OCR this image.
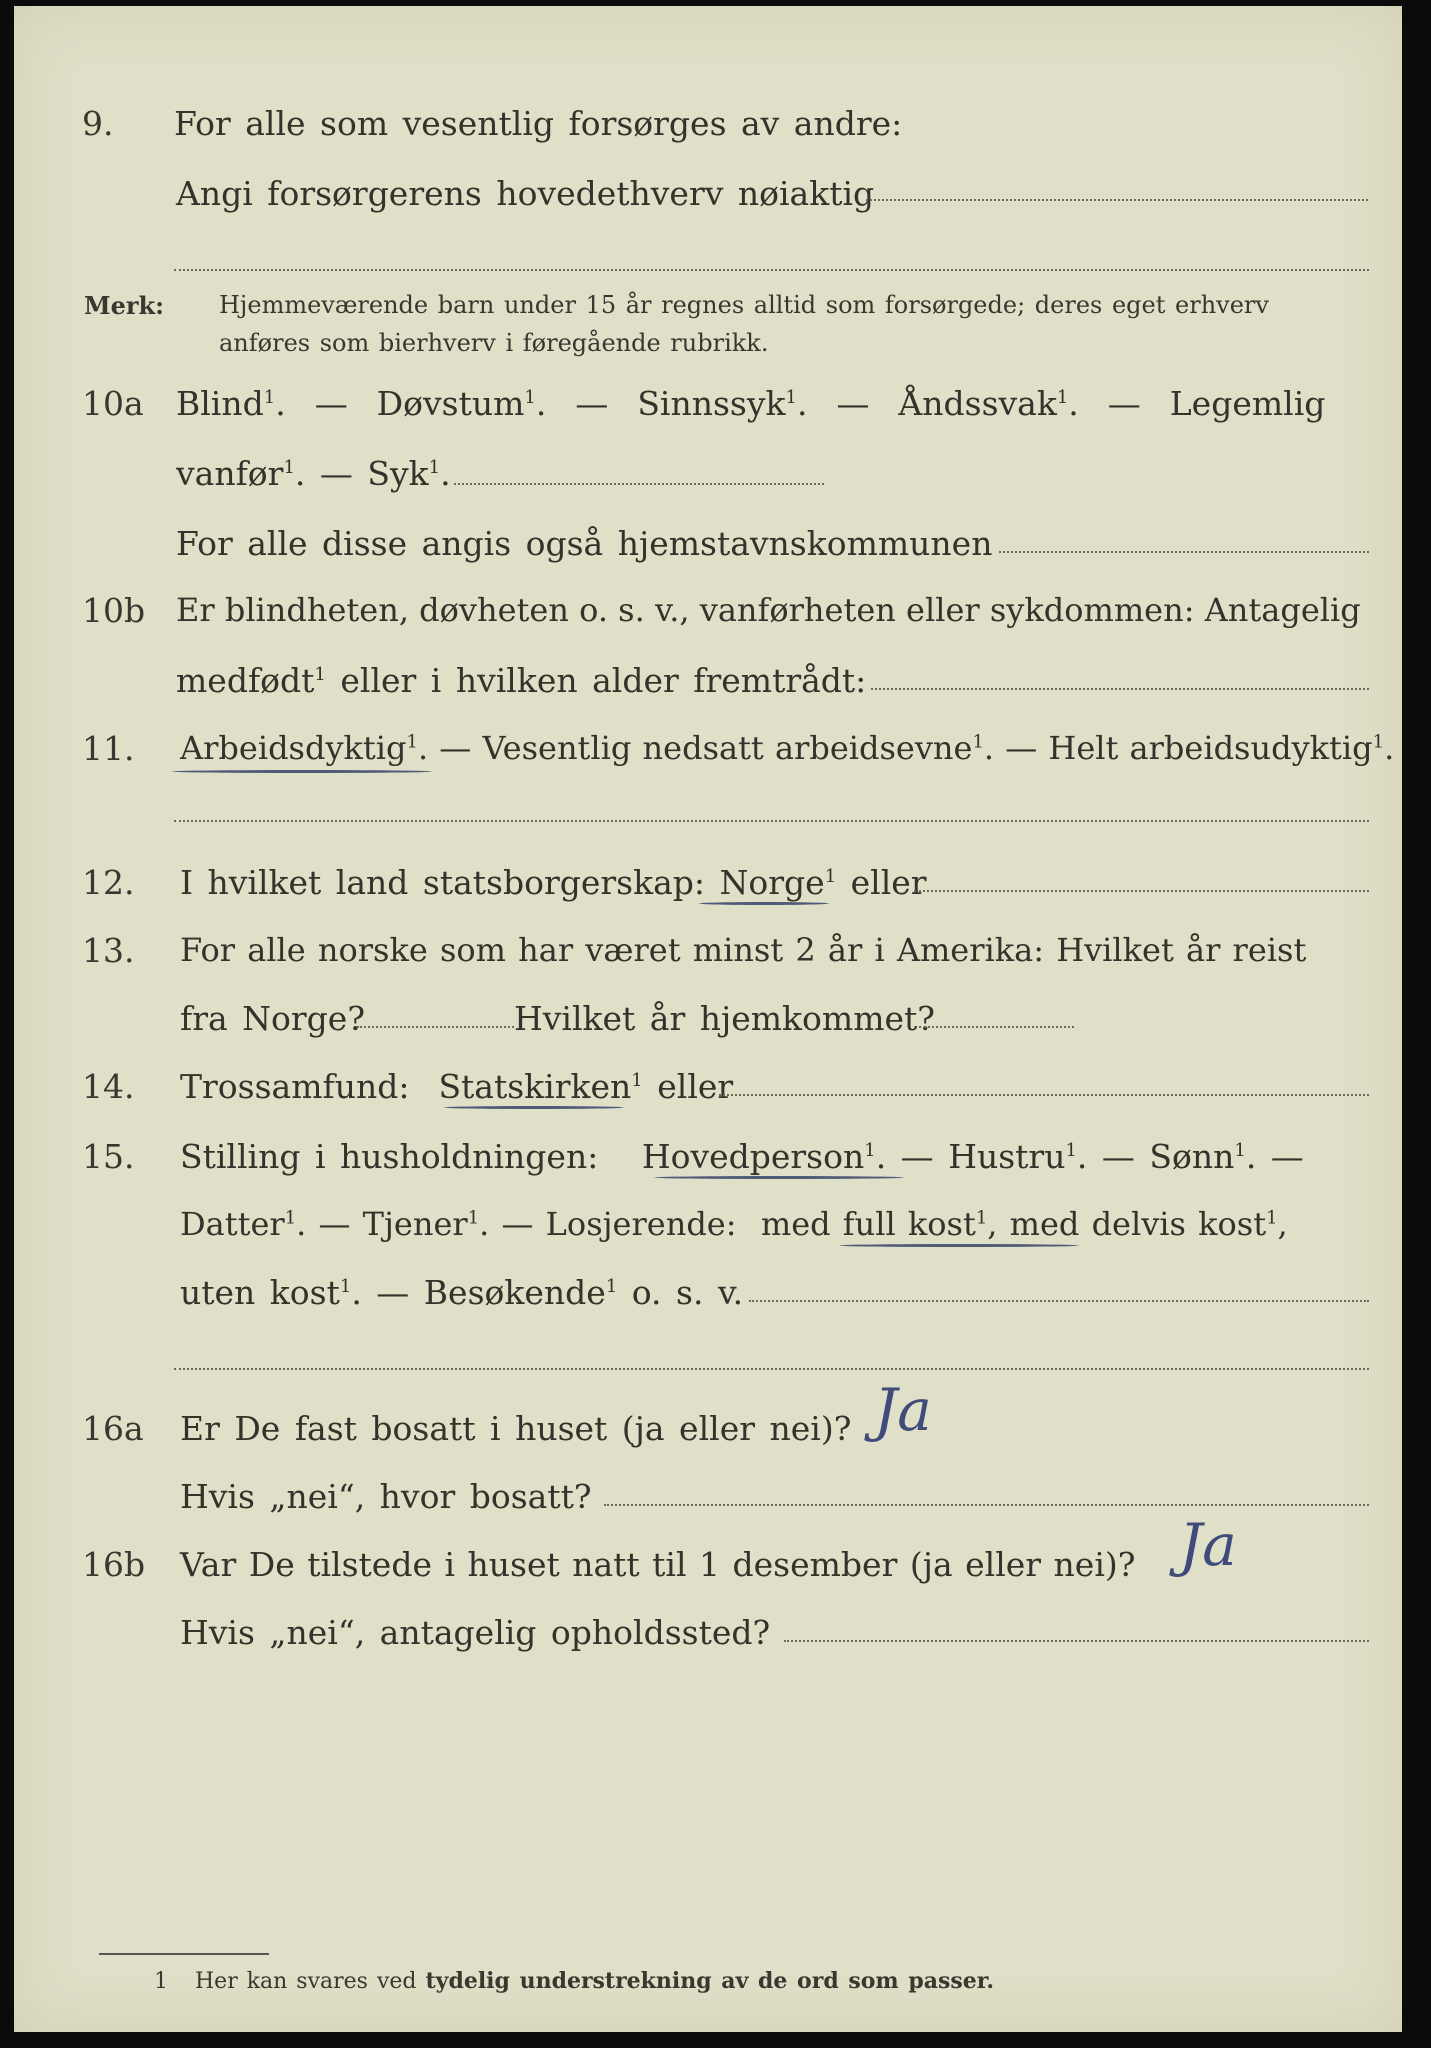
9. For alle som vesentlig forsørges av andre:
Angi forsørgerens hovedethverv nøiaktig
Merk: Hjemmeværende barn under 15 år regnes alltid som forsørgede; deres eget erhverv
anføres som bierhverv i føregående rubrikk.
10a Blind$^1$.  — Døvstum$^1$.  — Sinnssyk$^1$.  — Åndssvak$^1$.  — Legemlig
vanfør$^1$. — Syk$^1$.
For alle disse angis også hjemstavnskommunen
10b Er blindheten, døvheten o. s. v., vanførheten eller sykdommen: Antagelig
medfødt$^1$ eller i hvilken alder fremtrådt:
11. Arbeidsdyktig$^1$. — Vesentlig nedsatt arbeidsevne$^1$. — Helt arbeidsudyktig$^1$.
12. I hvilket land statsborgerskap: Norge$^1$ eller
13. For alle norske som har været minst 2 år i Amerika: Hvilket år reist
fra Norge?	Hvilket år hjemkommet?
14. Trossamfund: Statskirken$^1$ eller
15. Stilling i husholdningen: Hovedperson$^1$. — Hustru$^1$. — Sønn$^1$. —
Datter$^1$. — Tjener$^1$. — Losjerende: med full kost$^1$, med delvis kost$^1$,
uten kost$^1$. — Besøkende$^1$ o. s. v.
16a Er De fast bosatt i huset (ja eller nei)? Ja
Hvis „nei“, hvor bosatt?
16b Var De tilstede i huset natt til 1 desember (ja eller nei)? Ja
Hvis „nei“, antagelig opholdssted?
1 Her kan svares ved tydelig understrekning av de ord som passer.
